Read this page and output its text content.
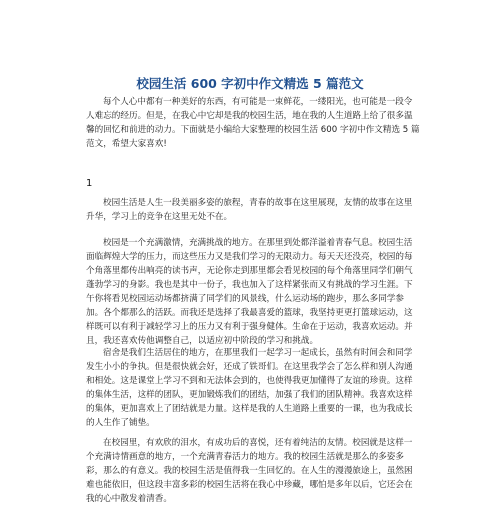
校园生活 600 字初中作文精选 5 篇范文
每个人心中都有一种美好的东西，有可能是一束鲜花，一缕阳光，也可能是一段令人难忘的经历。但是，在我心中它却是我的校园生活，地在我的人生道路上给了很多温馨的回忆和前进的动力。下面就是小编给大家整理的校园生活 600 字初中作文精选 5 篇范文，希望大家喜欢!
1
校园生活是人生一段美丽多姿的旅程，青春的故事在这里展现，友情的故事在这里升华，学习上的竞争在这里无处不在。
校园是一个充满激情，充满挑战的地方。在那里到处都洋溢着青春气息。校园生活面临辉煌大学的压力，而这些压力又是我们学习的无限动力。每天天还没亮，校园的每个角落里都传出响亮的读书声，无论你走到那里都会看见校园的每个角落里同学们朝气蓬勃学习的身影。我也是其中一份子，我也加入了这样紧张而又有挑战的学习生涯。下午你将看见校园运动场都挤满了同学们的风景线，什么运动场的跑步，那么多同学参加。各个都那么的活跃。而我还是选择了我最喜爱的篮球，我坚持更更打篮球运动，这样既可以有利于减轻学习上的压力又有利于强身健体。生命在于运动，我喜欢运动。并且，我还喜欢传他调整自己，以适应初中阶段的学习和挑战。
宿舍是我们生活居住的地方，在那里我们一起学习一起成长，虽然有时间会和同学发生小小的争执。但是很快就会好，还成了铁哥们。在这里我学会了怎么样和别人沟通和相处。这是课堂上学习不到和无法体会到的，也使得我更加懂得了友谊的珍贵。这样的集体生活，这样的团队，更加锻炼我们的团结，加强了我们的团队精神。我喜欢这样的集体，更加喜欢上了团结就是力量。这样是我的人生道路上重要的一课，也为我成长的人生作了铺垫。
在校园里，有欢欣的泪水，有成功后的喜悦，还有着纯洁的友情。校园就是这样一个充满诗情画意的地方，一个充满青春活力的地方。我的校园生活就是那么的多姿多彩，那么的有意义。我的校园生活是值得我一生回忆的。在人生的漫漫旅途上，虽然困难也能依旧，但这段丰富多彩的校园生活将在我心中珍藏，哪怕是多年以后，它还会在我的心中散发着清香。
